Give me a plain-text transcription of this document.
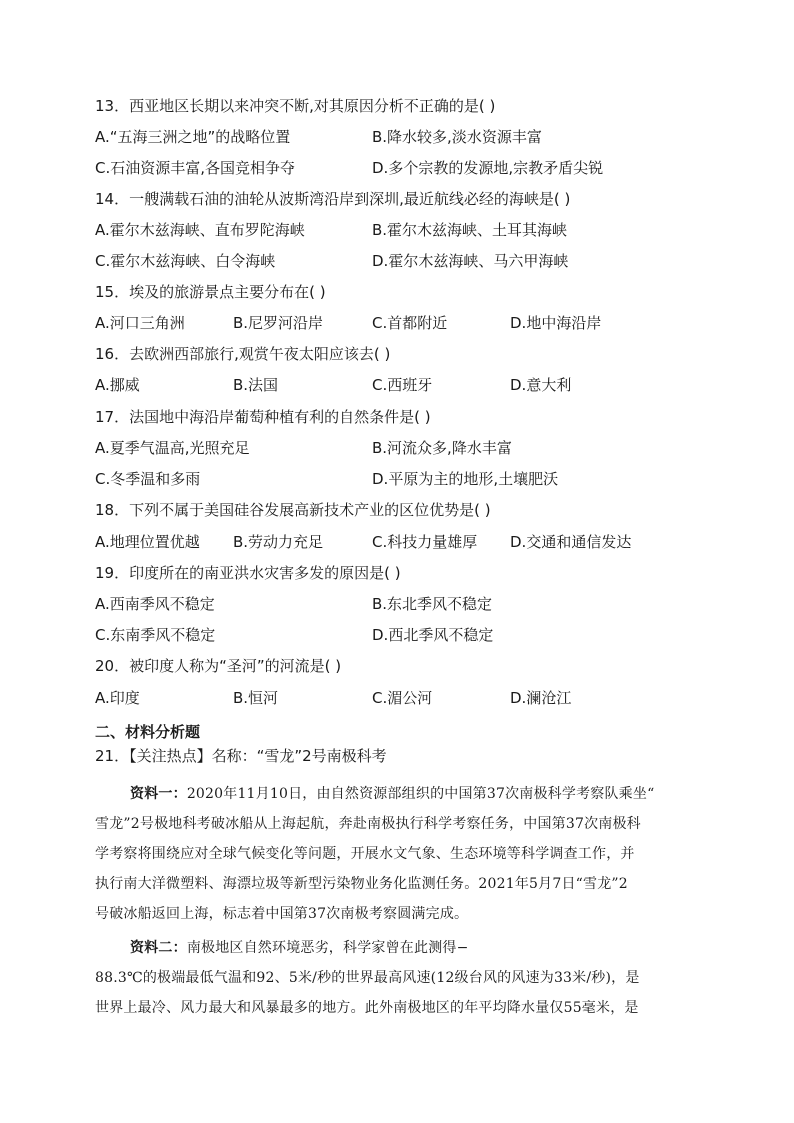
13．西亚地区长期以来冲突不断,对其原因分析不正确的是( )
A.“五海三洲之地”的战略位置	B.降水较多,淡水资源丰富
C.石油资源丰富,各国竞相争夺	D.多个宗教的发源地,宗教矛盾尖锐
14．一艘满载石油的油轮从波斯湾沿岸到深圳,最近航线必经的海峡是( )
A.霍尔木兹海峡、直布罗陀海峡	B.霍尔木兹海峡、土耳其海峡
C.霍尔木兹海峡、白令海峡	D.霍尔木兹海峡、马六甲海峡
15．埃及的旅游景点主要分布在( )
A.河口三角洲	B.尼罗河沿岸	C.首都附近	D.地中海沿岸
16．去欧洲西部旅行,观赏午夜太阳应该去( )
A.挪威	B.法国	C.西班牙	D.意大利
17．法国地中海沿岸葡萄种植有利的自然条件是( )
A.夏季气温高,光照充足	B.河流众多,降水丰富
C.冬季温和多雨	D.平原为主的地形,土壤肥沃
18．下列不属于美国硅谷发展高新技术产业的区位优势是( )
A.地理位置优越 B.劳动力充足	C.科技力量雄厚 D.交通和通信发达
19．印度所在的南亚洪水灾害多发的原因是( )
A.西南季风不稳定	B.东北季风不稳定
C.东南季风不稳定	D.西北季风不稳定
20．被印度人称为“圣河”的河流是( )
A.印度	B.恒河	C.湄公河	D.澜沧江
二、材料分析题
21．【关注热点】名称：“雪龙”2号南极科考
资料一：2020年11月10日，由自然资源部组织的中国第37次南极科学考察队乘坐“
雪龙”2号极地科考破冰船从上海起航，奔赴南极执行科学考察任务，中国第37次南极科
学考察将围绕应对全球气候变化等问题，开展水文气象、生态环境等科学调查工作，并
执行南大洋微塑料、海漂垃圾等新型污染物业务化监测任务。2021年5月7日“雪龙”2
号破冰船返回上海，标志着中国第37次南极考察圆满完成。
资料二：南极地区自然环境恶劣，科学家曾在此测得−
88.3℃的极端最低气温和92、5米/秒的世界最高风速(12级台风的风速为33米/秒)，是
世界上最冷、风力最大和风暴最多的地方。此外南极地区的年平均降水量仅55毫米，是
